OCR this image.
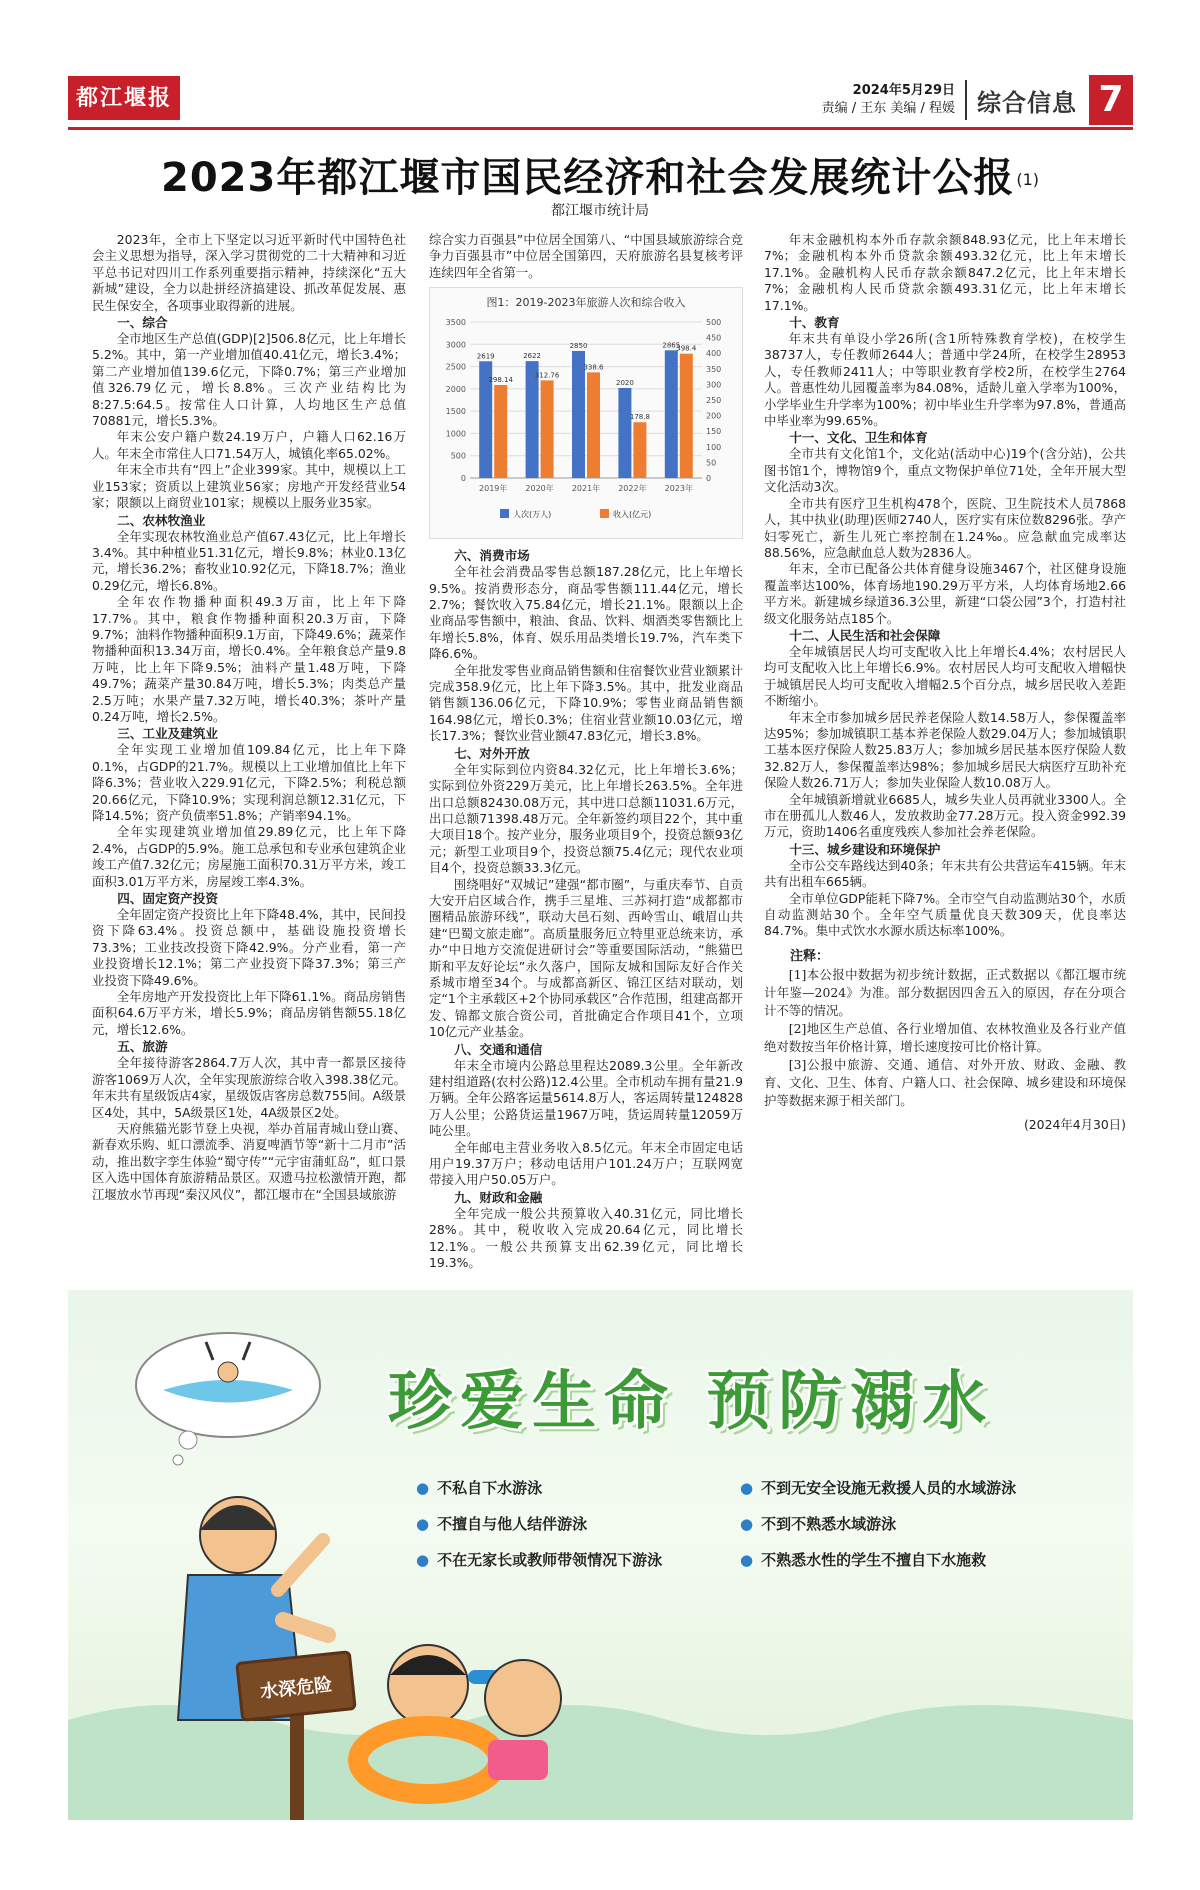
都江堰报	2024年5月29日
责编 / 王东 美编 / 程媛 综合信息 7
2023年都江堰市国民经济和社会发展统计公报 (1)
都江堰市统计局

2023年，全市上下坚定以习近平新时代中国特色社会主义思想为指导，深入学习贯彻党的二十大精神和习近平总书记对四川工作系列重要指示精神，持续深化“五大新城”建设，全力以赴拼经济搞建设、抓改革促发展、惠民生保安全，各项事业取得新的进展。

一、综合

全市地区生产总值(GDP)[2]506.8亿元，比上年增长5.2%。其中，第一产业增加值40.41亿元，增长3.4%；第二产业增加值139.6亿元，下降0.7%；第三产业增加值326.79亿元，增长8.8%。三次产业结构比为8:27.5:64.5。按常住人口计算，人均地区生产总值70881元，增长5.3%。

年末公安户籍户数24.19万户，户籍人口62.16万人。年末全市常住人口71.54万人，城镇化率65.02%。

年末全市共有“四上”企业399家。其中，规模以上工业153家；资质以上建筑业56家；房地产开发经营业54家；限额以上商贸业101家；规模以上服务业35家。

二、农林牧渔业

全年实现农林牧渔业总产值67.43亿元，比上年增长3.4%。其中种植业51.31亿元，增长9.8%；林业0.13亿元，增长36.2%；畜牧业10.92亿元，下降18.7%；渔业0.29亿元，增长6.8%。

全年农作物播种面积49.3万亩，比上年下降17.7%。其中，粮食作物播种面积20.3万亩，下降9.7%；油料作物播种面积9.1万亩，下降49.6%；蔬菜作物播种面积13.34万亩，增长0.4%。全年粮食总产量9.8万吨，比上年下降9.5%；油料产量1.48万吨，下降49.7%；蔬菜产量30.84万吨，增长5.3%；肉类总产量2.5万吨；水果产量7.32万吨，增长40.3%；茶叶产量0.24万吨，增长2.5%。

三、工业及建筑业

全年实现工业增加值109.84亿元，比上年下降0.1%，占GDP的21.7%。规模以上工业增加值比上年下降6.3%；营业收入229.91亿元，下降2.5%；利税总额20.66亿元，下降10.9%；实现利润总额12.31亿元，下降14.5%；资产负债率51.8%；产销率94.1%。

全年实现建筑业增加值29.89亿元，比上年下降2.4%，占GDP的5.9%。施工总承包和专业承包建筑企业竣工产值7.32亿元；房屋施工面积70.31万平方米，竣工面积3.01万平方米，房屋竣工率4.3%。

四、固定资产投资

全年固定资产投资比上年下降48.4%，其中，民间投资下降63.4%。投资总额中，基础设施投资增长73.3%；工业技改投资下降42.9%。分产业看，第一产业投资增长12.1%；第二产业投资下降37.3%；第三产业投资下降49.6%。

全年房地产开发投资比上年下降61.1%。商品房销售面积64.6万平方米，增长5.9%；商品房销售额55.18亿元，增长12.6%。

五、旅游

全年接待游客2864.7万人次，其中青一都景区接待游客1069万人次，全年实现旅游综合收入398.38亿元。年末共有星级饭店4家，星级饭店客房总数755间。A级景区4处，其中，5A级景区1处，4A级景区2处。

天府熊猫光影节登上央视，举办首届青城山登山赛、新春欢乐购、虹口漂流季、消夏啤酒节等“新十二月市”活动，推出数字孪生体验“蜀守传”“元宇宙蒲虹岛”，虹口景区入选中国体育旅游精品景区。双遗马拉松激情开跑，都江堰放水节再现“秦汉风仪”，都江堰市在“全国县域旅游

综合实力百强县”中位居全国第八、“中国县域旅游综合竞争力百强县市”中位居全国第四，天府旅游名县复核考评连续四年全省第一。

图1：2019-2023年旅游人次和综合收入
0
500
1000
1500
2000
2500
3000
3500
0
50
100
150
200
250
300
350
400
450
500
2019年 2020年 2021年 2022年 2023年
2619
298.14
2622
312.76
2850
338.6
2020
178.8
2865
398.4
人次(万人)	收入(亿元)
六、消费市场

全年社会消费品零售总额187.28亿元，比上年增长9.5%。按消费形态分，商品零售额111.44亿元，增长2.7%；餐饮收入75.84亿元，增长21.1%。限额以上企业商品零售额中，粮油、食品、饮料、烟酒类零售额比上年增长5.8%，体育、娱乐用品类增长19.7%，汽车类下降6.6%。

全年批发零售业商品销售额和住宿餐饮业营业额累计完成358.9亿元，比上年下降3.5%。其中，批发业商品销售额136.06亿元，下降10.9%；零售业商品销售额164.98亿元，增长0.3%；住宿业营业额10.03亿元，增长17.3%；餐饮业营业额47.83亿元，增长3.8%。

七、对外开放

全年实际到位内资84.32亿元，比上年增长3.6%；实际到位外资229万美元，比上年增长263.5%。全年进出口总额82430.08万元，其中进口总额11031.6万元，出口总额71398.48万元。全年新签约项目22个，其中重大项目18个。按产业分，服务业项目9个，投资总额93亿元；新型工业项目9个，投资总额75.4亿元；现代农业项目4个，投资总额33.3亿元。

围绕唱好“双城记”建强“都市圈”，与重庆奉节、自贡大安开启区域合作，携手三星堆、三苏祠打造“成都都市圈精品旅游环线”，联动大邑石刻、西岭雪山、峨眉山共建“巴蜀文旅走廊”。高质量服务厄立特里亚总统来访，承办“中日地方交流促进研讨会”等重要国际活动，“熊猫巴斯和平友好论坛”永久落户，国际友城和国际友好合作关系城市增至34个。与成都高新区、锦江区结对联动，划定“1个主承载区+2个协同承载区”合作范围，组建高都开发、锦都文旅合资公司，首批确定合作项目41个，立项10亿元产业基金。

八、交通和通信

年末全市境内公路总里程达2089.3公里。全年新改建村组道路(农村公路)12.4公里。全市机动车拥有量21.9万辆。全年公路客运量5614.8万人，客运周转量124828万人公里；公路货运量1967万吨，货运周转量12059万吨公里。

全年邮电主营业务收入8.5亿元。年末全市固定电话用户19.37万户；移动电话用户101.24万户；互联网宽带接入用户50.05万户。

九、财政和金融

全年完成一般公共预算收入40.31亿元，同比增长28%。其中，税收收入完成20.64亿元，同比增长12.1%。一般公共预算支出62.39亿元，同比增长19.3%。

年末金融机构本外币存款余额848.93亿元，比上年末增长7%；金融机构本外币贷款余额493.32亿元，比上年末增长17.1%。金融机构人民币存款余额847.2亿元，比上年末增长7%；金融机构人民币贷款余额493.31亿元，比上年末增长17.1%。

十、教育

年末共有单设小学26所(含1所特殊教育学校)，在校学生38737人，专任教师2644人；普通中学24所，在校学生28953人，专任教师2411人；中等职业教育学校2所，在校学生2764人。普惠性幼儿园覆盖率为84.08%，适龄儿童入学率为100%，小学毕业生升学率为100%；初中毕业生升学率为97.8%，普通高中毕业率为99.65%。

十一、文化、卫生和体育

全市共有文化馆1个，文化站(活动中心)19个(含分站)，公共图书馆1个，博物馆9个，重点文物保护单位71处，全年开展大型文化活动3次。

全市共有医疗卫生机构478个，医院、卫生院技术人员7868人，其中执业(助理)医师2740人，医疗实有床位数8296张。孕产妇零死亡，新生儿死亡率控制在1.24‰。应急献血完成率达88.56%，应急献血总人数为2836人。

年末，全市已配备公共体育健身设施3467个，社区健身设施覆盖率达100%，体育场地190.29万平方米，人均体育场地2.66平方米。新建城乡绿道36.3公里，新建“口袋公园”3个，打造村社级文化服务站点185个。

十二、人民生活和社会保障

全年城镇居民人均可支配收入比上年增长4.4%；农村居民人均可支配收入比上年增长6.9%。农村居民人均可支配收入增幅快于城镇居民人均可支配收入增幅2.5个百分点，城乡居民收入差距不断缩小。

年末全市参加城乡居民养老保险人数14.58万人，参保覆盖率达95%；参加城镇职工基本养老保险人数29.04万人；参加城镇职工基本医疗保险人数25.83万人；参加城乡居民基本医疗保险人数32.82万人，参保覆盖率达98%；参加城乡居民大病医疗互助补充保险人数26.71万人；参加失业保险人数10.08万人。

全年城镇新增就业6685人，城乡失业人员再就业3300人。全市在册孤儿人数46人，发放救助金77.28万元。投入资金992.39万元，资助1406名重度残疾人参加社会养老保险。

十三、城乡建设和环境保护

全市公交车路线达到40条；年末共有公共营运车415辆。年末共有出租车665辆。

全市单位GDP能耗下降7%。全市空气自动监测站30个，水质自动监测站30个。全年空气质量优良天数309天，优良率达84.7%。集中式饮水水源水质达标率100%。

注释：

[1]本公报中数据为初步统计数据，正式数据以《都江堰市统计年鉴—2024》为准。部分数据因四舍五入的原因，存在分项合计不等的情况。

[2]地区生产总值、各行业增加值、农林牧渔业及各行业产值绝对数按当年价格计算，增长速度按可比价格计算。

[3]公报中旅游、交通、通信、对外开放、财政、金融、教育、文化、卫生、体育、户籍人口、社会保障、城乡建设和环境保护等数据来源于相关部门。

(2024年4月30日)
珍爱生命 预防溺水
● 不私自下水游泳
● 不擅自与他人结伴游泳
● 不在无家长或教师带领情况下游泳
● 不到无安全设施无救援人员的水域游泳
● 不到不熟悉水域游泳
● 不熟悉水性的学生不擅自下水施救
水深危险
